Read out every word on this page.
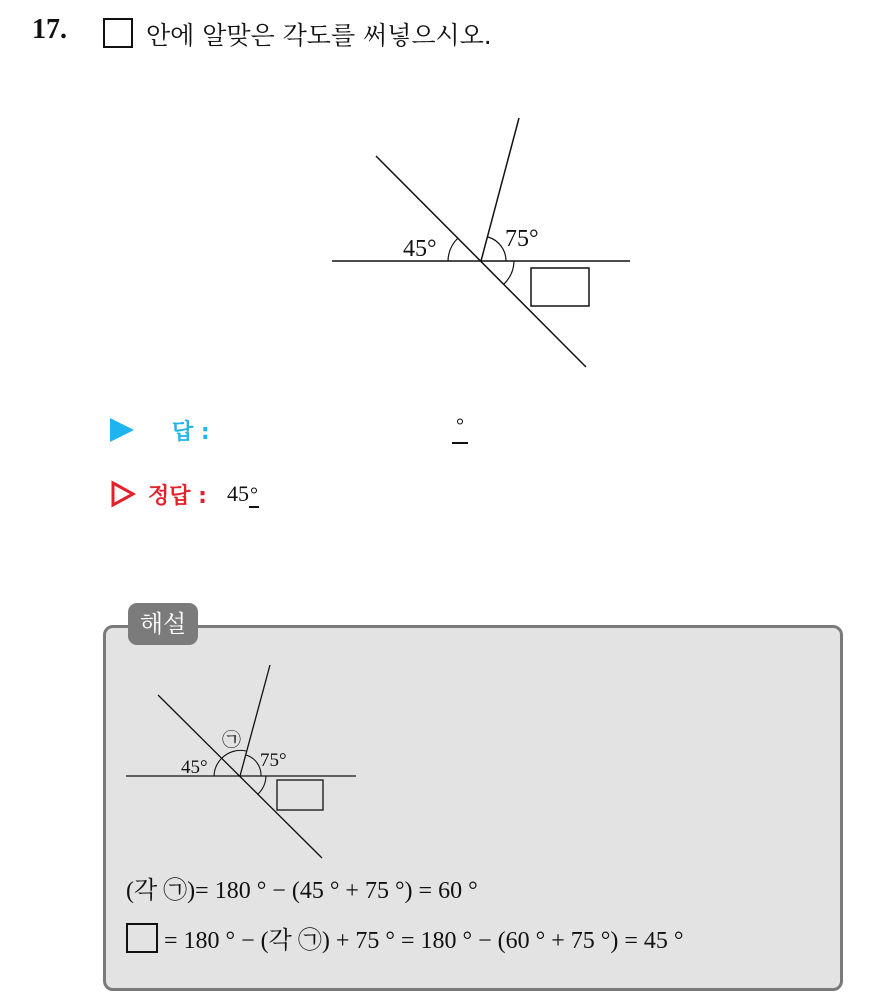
17.	안에 알맞은 각도를 써넣으시오.
45°	75°
답 :	°
정답 : 45°
해설
45°	75°
㉠
(각 ㉠)= 180 ° − (45 ° + 75 °) = 60 °
= 180 ° − (각 ㉠) + 75 ° = 180 ° − (60 ° + 75 °) = 45 °
